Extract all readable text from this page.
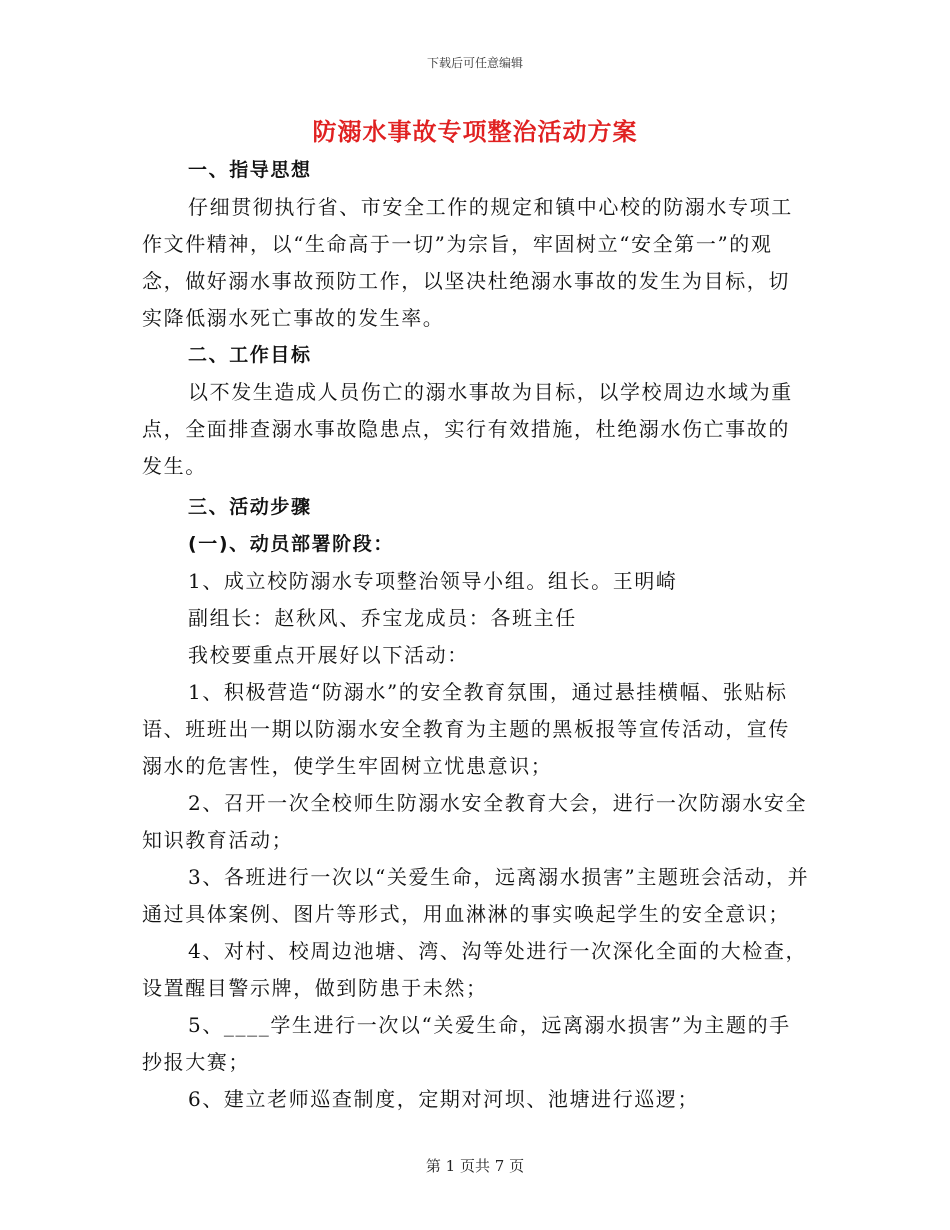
下载后可任意编辑
防溺水事故专项整治活动方案

一、指导思想

仔细贯彻执行省、市安全工作的规定和镇中心校的防溺水专项工作文件精神，以“生命高于一切”为宗旨，牢固树立“安全第一”的观念，做好溺水事故预防工作，以坚决杜绝溺水事故的发生为目标，切实降低溺水死亡事故的发生率。

二、工作目标

以不发生造成人员伤亡的溺水事故为目标，以学校周边水域为重点，全面排查溺水事故隐患点，实行有效措施，杜绝溺水伤亡事故的发生。

三、活动步骤

(一)、动员部署阶段：

1、成立校防溺水专项整治领导小组。组长。王明崎

副组长：赵秋风、乔宝龙成员：各班主任

我校要重点开展好以下活动：

1、积极营造“防溺水”的安全教育氛围，通过悬挂横幅、张贴标语、班班出一期以防溺水安全教育为主题的黑板报等宣传活动，宣传溺水的危害性，使学生牢固树立忧患意识；

2、召开一次全校师生防溺水安全教育大会，进行一次防溺水安全知识教育活动；

3、各班进行一次以“关爱生命，远离溺水损害”主题班会活动，并通过具体案例、图片等形式，用血淋淋的事实唤起学生的安全意识；

4、对村、校周边池塘、湾、沟等处进行一次深化全面的大检查，设置醒目警示牌，做到防患于未然；

5、____学生进行一次以“关爱生命，远离溺水损害”为主题的手抄报大赛；

6、建立老师巡查制度，定期对河坝、池塘进行巡逻；

第 1 页共 7 页
